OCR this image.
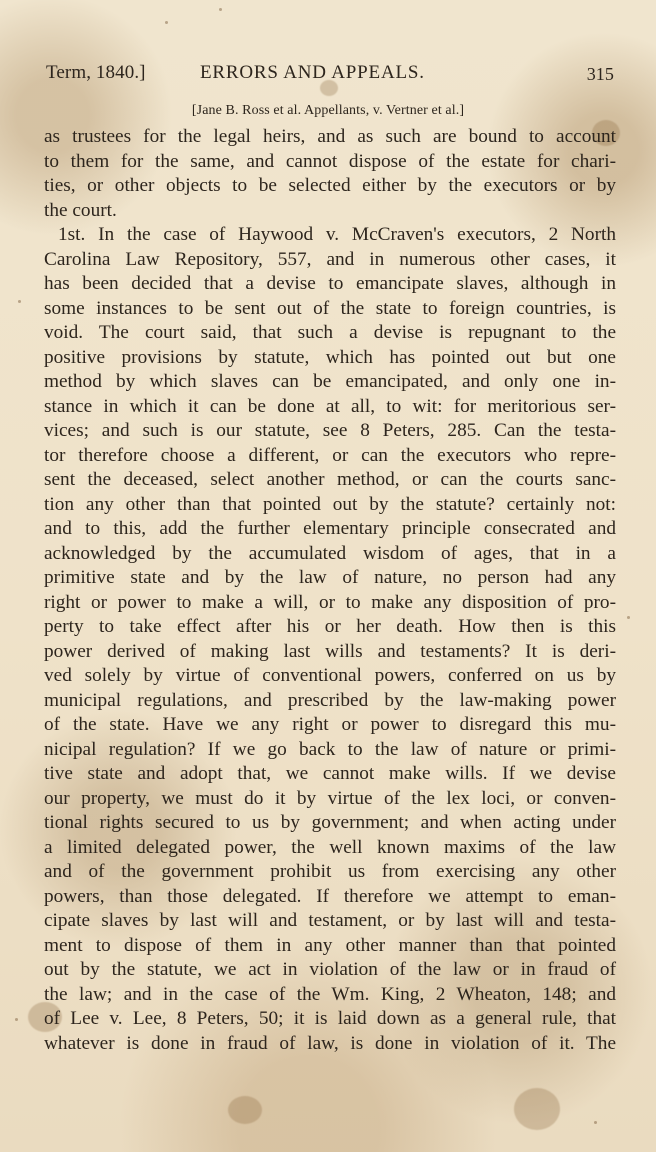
Term, 1840.]	ERRORS AND APPEALS.	315
[Jane B. Ross et al. Appellants, v. Vertner et al.]
as trustees for the legal heirs, and as such are bound to account
to them for the same, and cannot dispose of the estate for chari-
ties, or other objects to be selected either by the executors or by
the court.
1st. In the case of Haywood v. McCraven's executors, 2 North
Carolina Law Repository, 557, and in numerous other cases, it
has been decided that a devise to emancipate slaves, although in
some instances to be sent out of the state to foreign countries, is
void. The court said, that such a devise is repugnant to the
positive provisions by statute, which has pointed out but one
method by which slaves can be emancipated, and only one in-
stance in which it can be done at all, to wit: for meritorious ser-
vices; and such is our statute, see 8 Peters, 285. Can the testa-
tor therefore choose a different, or can the executors who repre-
sent the deceased, select another method, or can the courts sanc-
tion any other than that pointed out by the statute? certainly not:
and to this, add the further elementary principle consecrated and
acknowledged by the accumulated wisdom of ages, that in a
primitive state and by the law of nature, no person had any
right or power to make a will, or to make any disposition of pro-
perty to take effect after his or her death. How then is this
power derived of making last wills and testaments? It is deri-
ved solely by virtue of conventional powers, conferred on us by
municipal regulations, and prescribed by the law-making power
of the state. Have we any right or power to disregard this mu-
nicipal regulation? If we go back to the law of nature or primi-
tive state and adopt that, we cannot make wills. If we devise
our property, we must do it by virtue of the lex loci, or conven-
tional rights secured to us by government; and when acting under
a limited delegated power, the well known maxims of the law
and of the government prohibit us from exercising any other
powers, than those delegated. If therefore we attempt to eman-
cipate slaves by last will and testament, or by last will and testa-
ment to dispose of them in any other manner than that pointed
out by the statute, we act in violation of the law or in fraud of
the law; and in the case of the Wm. King, 2 Wheaton, 148; and
of Lee v. Lee, 8 Peters, 50; it is laid down as a general rule, that
whatever is done in fraud of law, is done in violation of it. The
